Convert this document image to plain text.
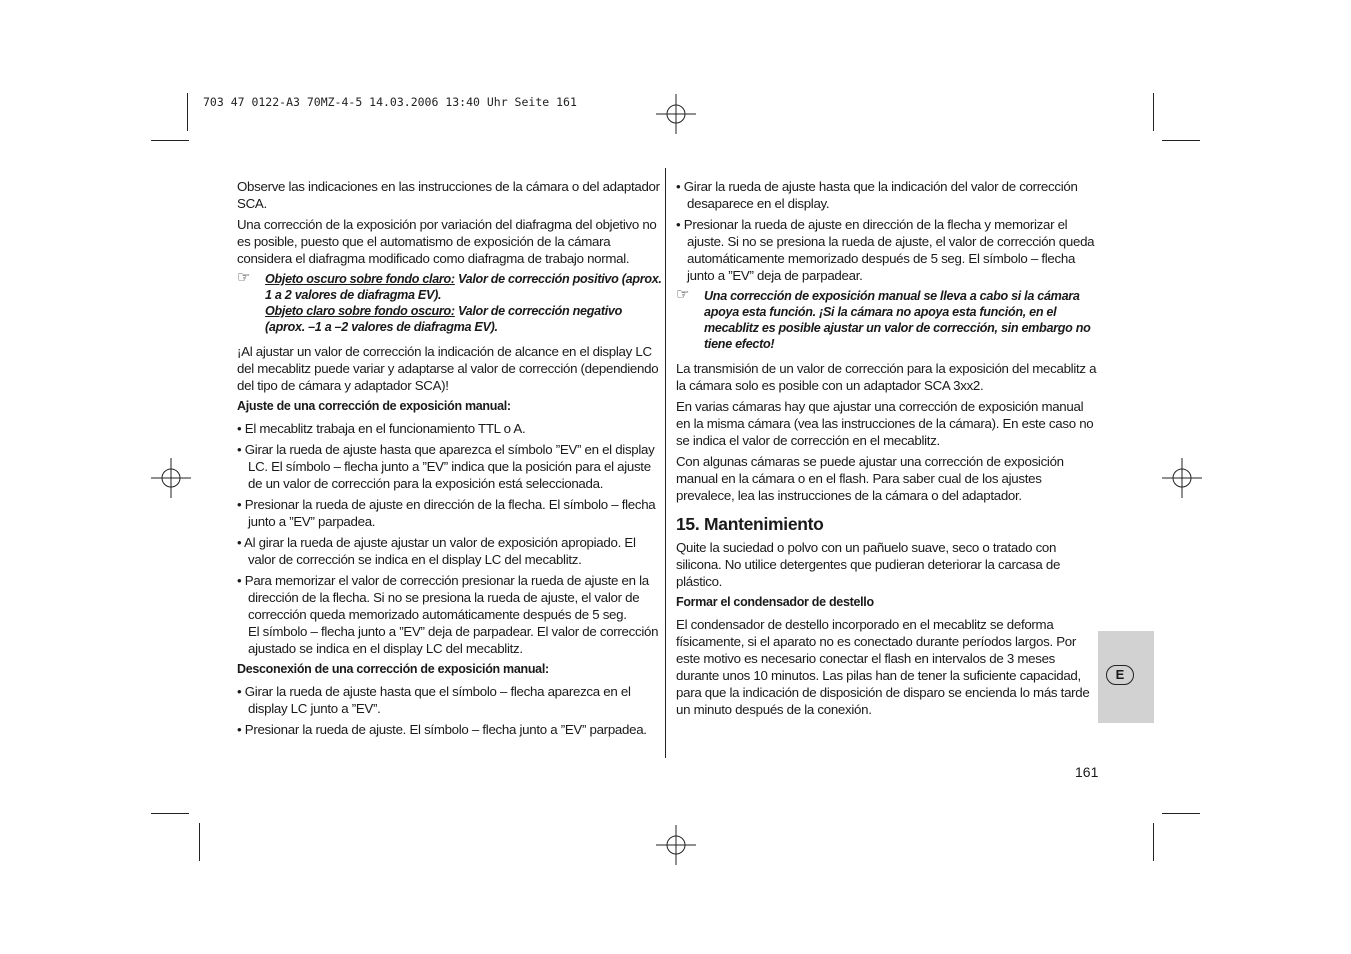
703 47 0122-A3 70MZ-4-5 14.03.2006 13:40 Uhr Seite 161

Observe las indicaciones en las instrucciones de la cámara o del adaptador SCA.

Una corrección de la exposición por variación del diafragma del objetivo no es posible, puesto que el automatismo de exposición de la cámara considera el diafragma modificado como diafragma de trabajo normal.

☞ Objeto oscuro sobre fondo claro: Valor de corrección positivo (aprox. 1 a 2 valores de diafragma EV).
Objeto claro sobre fondo oscuro: Valor de corrección negativo (aprox. –1 a –2 valores de diafragma EV).

¡Al ajustar un valor de corrección la indicación de alcance en el display LC del mecablitz puede variar y adaptarse al valor de corrección (dependiendo del tipo de cámara y adaptador SCA)!

Ajuste de una corrección de exposición manual:

• El mecablitz trabaja en el funcionamiento TTL o A.

• Girar la rueda de ajuste hasta que aparezca el símbolo ”EV” en el display LC. El símbolo – flecha junto a ”EV” indica que la posición para el ajuste de un valor de corrección para la exposición está seleccionada.

• Presionar la rueda de ajuste en dirección de la flecha. El símbolo – flecha junto a ”EV” parpadea.

• Al girar la rueda de ajuste ajustar un valor de exposición apropiado. El valor de corrección se indica en el display LC del mecablitz.

• Para memorizar el valor de corrección presionar la rueda de ajuste en la dirección de la flecha. Si no se presiona la rueda de ajuste, el valor de corrección queda memorizado automáticamente después de 5 seg.

El símbolo – flecha junto a ”EV” deja de parpadear. El valor de corrección ajustado se indica en el display LC del mecablitz.

Desconexión de una corrección de exposición manual:

• Girar la rueda de ajuste hasta que el símbolo – flecha aparezca en el display LC junto a ”EV”.

• Presionar la rueda de ajuste. El símbolo – flecha junto a ”EV” parpadea.

• Girar la rueda de ajuste hasta que la indicación del valor de corrección desaparece en el display.

• Presionar la rueda de ajuste en dirección de la flecha y memorizar el ajuste. Si no se presiona la rueda de ajuste, el valor de corrección queda automáticamente memorizado después de 5 seg. El símbolo – flecha junto a ”EV” deja de parpadear.

☞ Una corrección de exposición manual se lleva a cabo si la cámara apoya esta función. ¡Si la cámara no apoya esta función, en el mecablitz es posible ajustar un valor de corrección, sin embargo no tiene efecto!

La transmisión de un valor de corrección para la exposición del mecablitz a la cámara solo es posible con un adaptador SCA 3xx2.

En varias cámaras hay que ajustar una corrección de exposición manual en la misma cámara (vea las instrucciones de la cámara). En este caso no se indica el valor de corrección en el mecablitz.

Con algunas cámaras se puede ajustar una corrección de exposición manual en la cámara o en el flash. Para saber cual de los ajustes prevalece, lea las instrucciones de la cámara o del adaptador.

15. Mantenimiento

Quite la suciedad o polvo con un pañuelo suave, seco o tratado con silicona. No utilice detergentes que pudieran deteriorar la carcasa de plástico.

Formar el condensador de destello

El condensador de destello incorporado en el mecablitz se deforma físicamente, si el aparato no es conectado durante períodos largos. Por este motivo es necesario conectar el flash en intervalos de 3 meses durante unos 10 minutos. Las pilas han de tener la suficiente capacidad, para que la indicación de disposición de disparo se encienda lo más tarde un minuto después de la conexión.

E
161
